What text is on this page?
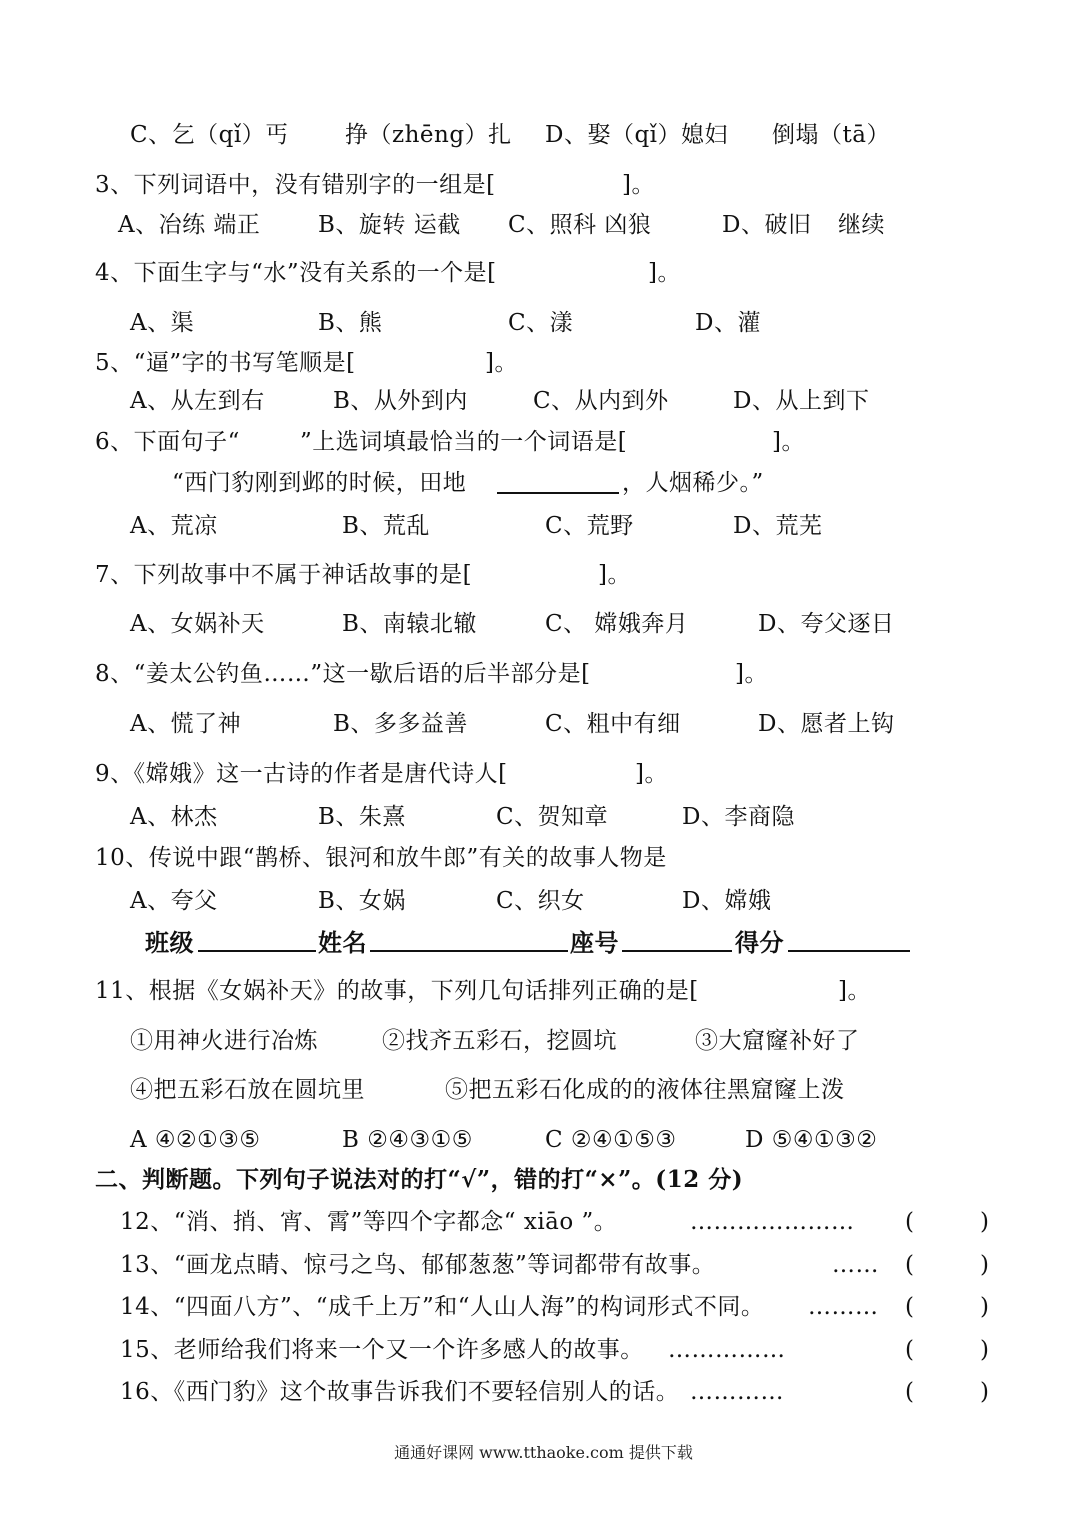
C、乞（qǐ）丐 挣（zhēng）扎 D、娶（qǐ）媳妇 倒塌（tā）
3、下列词语中，没有错别字的一组是[	]。
A、冶练 端正	B、旋转 运截 C、照科 凶狼	D、破旧 继续
4、下面生字与“水”没有关系的一个是[	]。
A、渠	B、熊	C、漾	D、灌
5、“逼”字的书写笔顺是[	]。
A、从左到右	B、从外到内	C、从内到外	D、从上到下
6、下面句子“	”上选词填最恰当的一个词语是[	]。
“西门豹刚到邺的时候，田地	，人烟稀少。”
A、荒凉	B、荒乱	C、荒野	D、荒芜
7、下列故事中不属于神话故事的是[	]。
A、女娲补天	B、南辕北辙	C、 嫦娥奔月	D、夸父逐日
8、“姜太公钓鱼……”这一歇后语的后半部分是[	]。
A、慌了神	B、多多益善	C、粗中有细	D、愿者上钩
9、《嫦娥》这一古诗的作者是唐代诗人[	]。
A、林杰	B、朱熹	C、贺知章	D、李商隐
10、传说中跟“鹊桥、银河和放牛郎”有关的故事人物是
A、夸父	B、女娲	C、织女	D、嫦娥
班级	姓名	座号	得分
11、根据《女娲补天》的故事，下列几句话排列正确的是[	]。
①用神火进行冶炼	②找齐五彩石，挖圆坑	③大窟窿补好了
④把五彩石放在圆坑里	⑤把五彩石化成的的液体往黑窟窿上泼
A ④②①③⑤	B ②④③①⑤	C ②④①⑤③	D ⑤④①③②
二、判断题。下列句子说法对的打“√”，错的打“×”。(12 分)
12、“消、捎、宵、霄”等四个字都念“ xiāo ”。	………………… (	)
13、“画龙点睛、惊弓之鸟、郁郁葱葱”等词都带有故事。	…… (	)
14、“四面八方”、“成千上万”和“人山人海”的构词形式不同。 ……… (	)
15、老师给我们将来一个又一个许多感人的故事。 ……………	(	)
16、《西门豹》这个故事告诉我们不要轻信别人的话。 …………	(	)
通通好课网 www.tthaoke.com 提供下载
